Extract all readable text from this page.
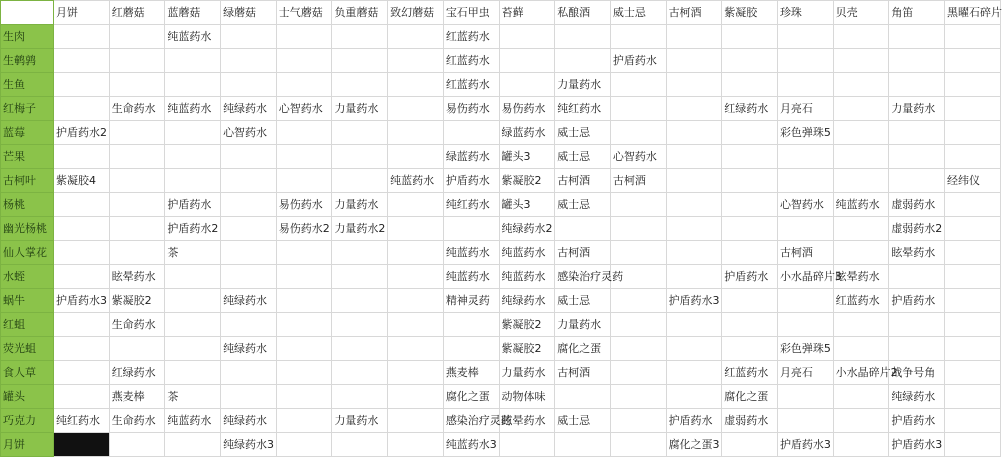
	月饼	红蘑菇	蓝蘑菇	绿蘑菇	士气蘑菇	负重蘑菇	致幻蘑菇	宝石甲虫	苔藓	私酿酒	威士忌	古柯酒	紫凝胶	珍珠	贝壳	角笛	黑曜石碎片
生肉			纯蓝药水					红蓝药水									
生鹌鹑								红蓝药水			护盾药水						
生鱼								红蓝药水		力量药水							
红梅子		生命药水	纯蓝药水	纯绿药水	心智药水	力量药水		易伤药水	易伤药水	纯红药水			红绿药水	月亮石		力量药水	
蓝莓	护盾药水2			心智药水					绿蓝药水	威士忌				彩色弹珠5			
芒果								绿蓝药水	罐头3	威士忌	心智药水						
古柯叶	紫凝胶4						纯蓝药水	护盾药水	紫凝胶2	古柯酒	古柯酒						经纬仪
杨桃			护盾药水		易伤药水	力量药水		纯红药水	罐头3	威士忌				心智药水	纯蓝药水	虚弱药水	
幽光杨桃			护盾药水2		易伤药水2	力量药水2			纯绿药水2							虚弱药水2	
仙人掌花			茶					纯蓝药水	纯蓝药水	古柯酒				古柯酒		眩晕药水	
水蛭		眩晕药水						纯蓝药水	纯蓝药水	感染治疗灵药			护盾药水	小水晶碎片3	眩晕药水		
蜗牛	护盾药水3	紫凝胶2		纯绿药水				精神灵药	纯绿药水	威士忌		护盾药水3			红蓝药水	护盾药水	
红蛆		生命药水							紫凝胶2	力量药水							
荧光蛆				纯绿药水					紫凝胶2	腐化之蛋				彩色弹珠5			
食人草		红绿药水						燕麦棒	力量药水	古柯酒			红蓝药水	月亮石	小水晶碎片2	战争号角	
罐头		燕麦棒	茶					腐化之蛋	动物体味				腐化之蛋			纯绿药水	
巧克力	纯红药水	生命药水	纯蓝药水	纯绿药水		力量药水		感染治疗灵药	眩晕药水	威士忌		护盾药水	虚弱药水			护盾药水	
月饼				纯绿药水3				纯蓝药水3				腐化之蛋3		护盾药水3		护盾药水3	
